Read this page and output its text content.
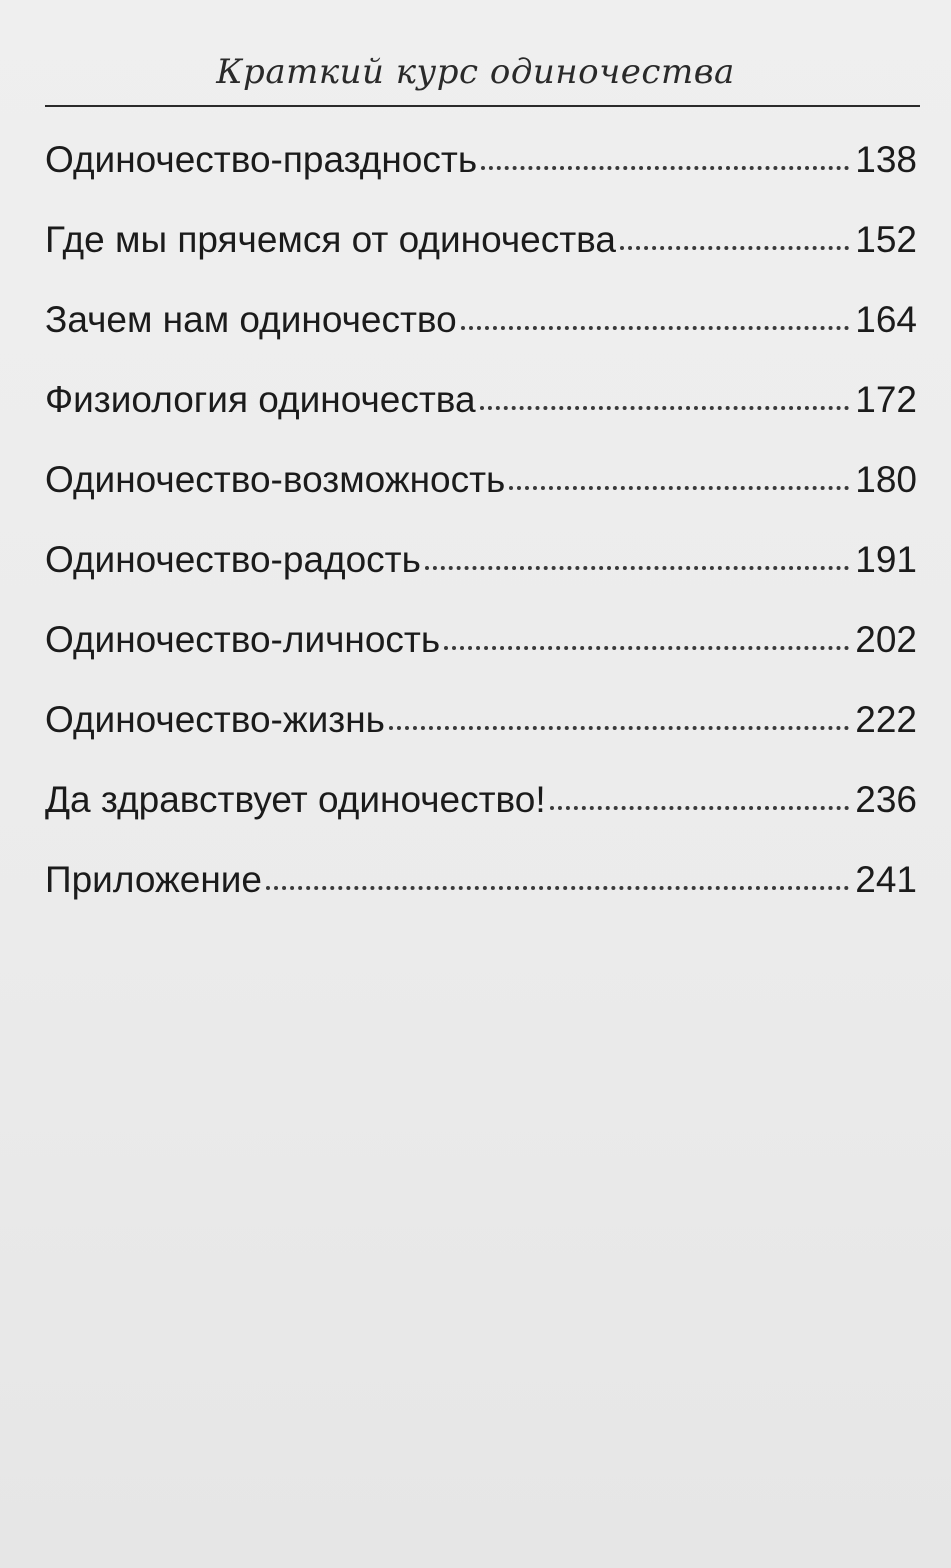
Краткий курс одиночества
Одиночество-праздность	138
Где мы прячемся от одиночества	152
Зачем нам одиночество	164
Физиология одиночества	172
Одиночество-возможность	180
Одиночество-радость	191
Одиночество-личность	202
Одиночество-жизнь	222
Да здравствует одиночество!	236
Приложение	241
